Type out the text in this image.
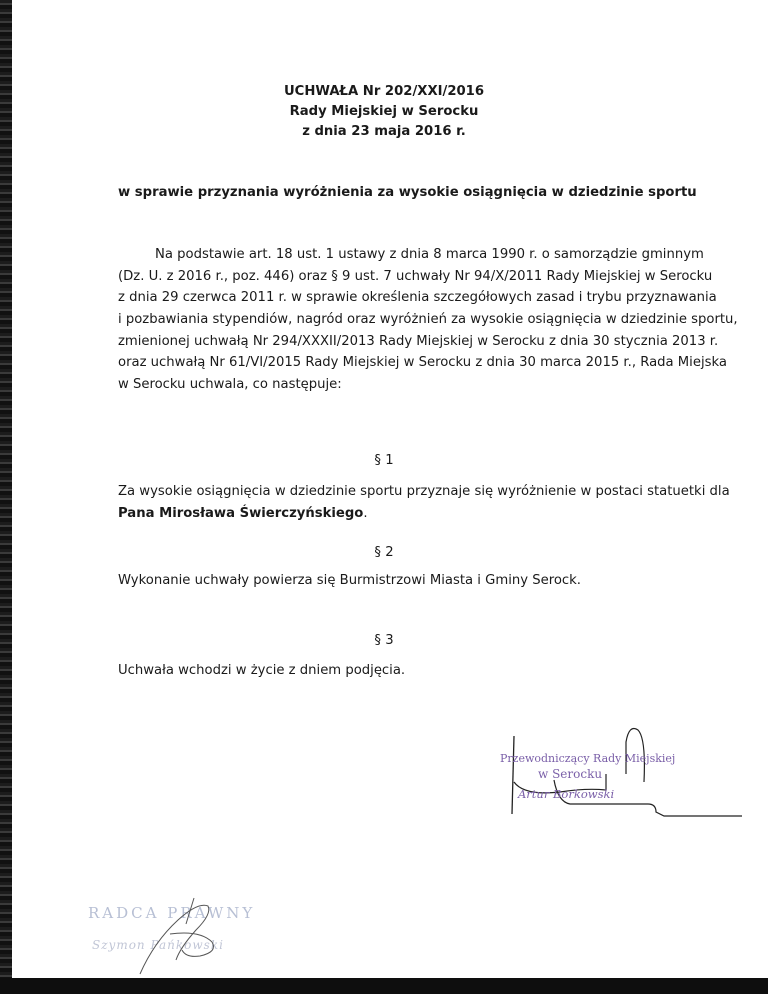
UCHWAŁA Nr 202/XXI/2016
Rady Miejskiej w Serocku
z dnia 23 maja 2016 r.
w sprawie przyznania wyróżnienia za wysokie osiągnięcia w dziedzinie sportu
Na podstawie art. 18 ust. 1 ustawy z dnia 8 marca 1990 r. o samorządzie gminnym
(Dz. U. z 2016 r., poz. 446) oraz § 9 ust. 7 uchwały Nr 94/X/2011 Rady Miejskiej w Serocku
z dnia 29 czerwca 2011 r. w sprawie określenia szczegółowych zasad i trybu przyznawania
i pozbawiania stypendiów, nagród oraz wyróżnień za wysokie osiągnięcia w dziedzinie sportu,
zmienionej uchwałą Nr 294/XXXII/2013 Rady Miejskiej w Serocku z dnia 30 stycznia 2013 r.
oraz uchwałą Nr 61/VI/2015 Rady Miejskiej w Serocku z dnia 30 marca 2015 r., Rada Miejska
w Serocku uchwala, co następuje:
§ 1
Za wysokie osiągnięcia w dziedzinie sportu przyznaje się wyróżnienie w postaci statuetki dla
Pana Mirosława Świerczyńskiego.
§ 2
Wykonanie uchwały powierza się Burmistrzowi Miasta i Gminy Serock.
§ 3
Uchwała wchodzi w życie z dniem podjęcia.
Przewodniczący Rady Miejskiej
w Serocku
Artur Borkowski
RADCA PRAWNY
Szymon Pańkowski
